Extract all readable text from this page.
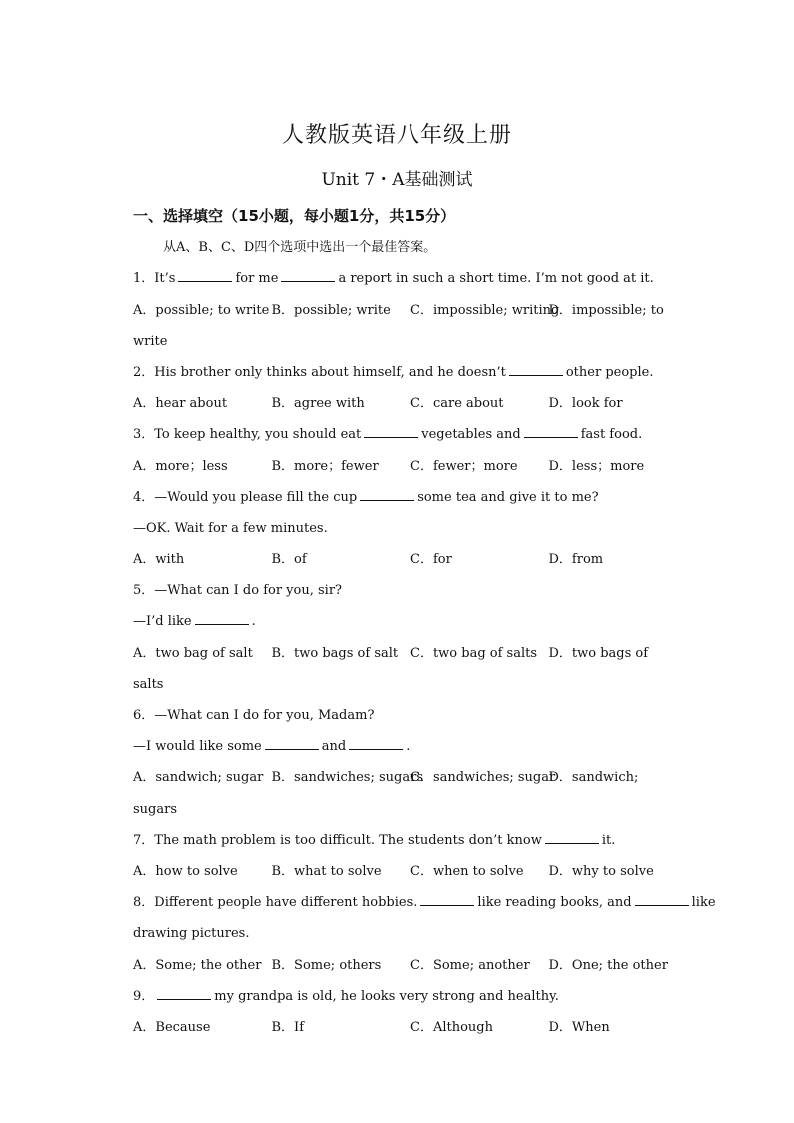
人教版英语八年级上册
Unit 7・A基础测试
一、选择填空（15小题，每小题1分，共15分）
从A、B、C、D四个选项中选出一个最佳答案。
1．It’s	for me	a report in such a short time. I’m not good at it.
A．possible; to write B．possible; write C．impossible; writingD．impossible; to
write
2．His brother only thinks about himself, and he doesn’t	other people.
A．hear about	B．agree with	C．care about	D．look for
3．To keep healthy, you should eat	vegetables and	fast food.
A．more；less	B．more；fewer C．fewer；more D．less；more
4．—Would you please fill the cup	some tea and give it to me?
—OK. Wait for a few minutes.
A．with	B．of	C．for	D．from
5．—What can I do for you, sir?
—I’d like	.
A．two bag of salt B．two bags of salt C．two bag of salts D．two bags of
salts
6．—What can I do for you, Madam?
—I would like some	and	.
A．sandwich; sugar B．sandwiches; sugarsC．sandwiches; sugarD．sandwich;
sugars
7．The math problem is too difficult. The students don’t know	it.
A．how to solve	B．what to solve C．when to solve D．why to solve
8．Different people have different hobbies.	like reading books, and	like
drawing pictures.
A．Some; the other B．Some; others C．Some; another D．One; the other
9．	my grandpa is old, he looks very strong and healthy.
A．Because	B．If	C．Although	D．When
